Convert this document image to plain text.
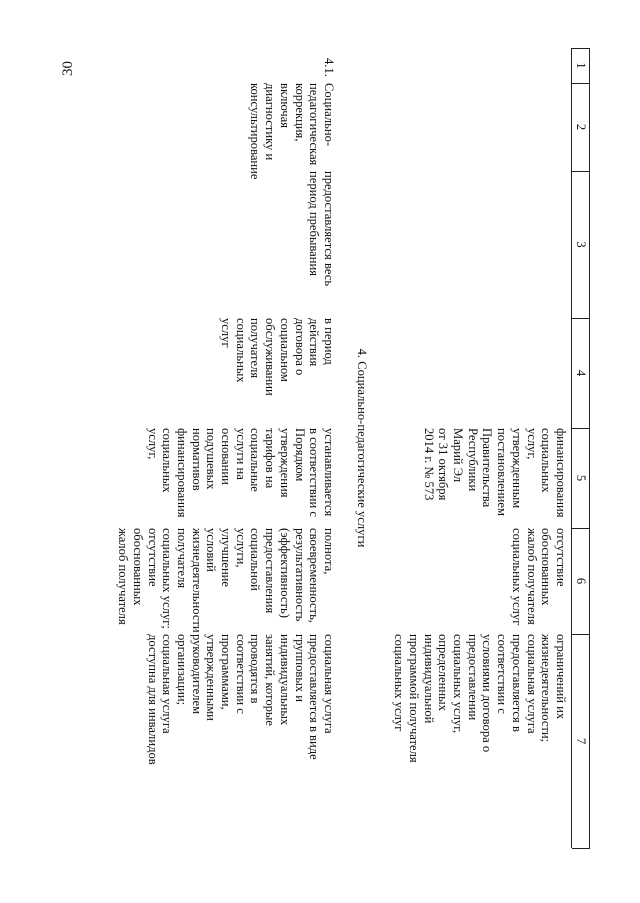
30	1
2
3
4
5
6
7
финансирования
социальных
услуг,
утвержденным
постановлением
Правительства
Республики
Марий Эл
от 31 октября
2014 г. № 573
отсутствие
обоснованных
жалоб получателя
социальных услуг
ограничений их
жизнедеятельности;
социальная услуга
предоставляется в
соответствии с
условиями договора о
предоставлении
социальных услуг,
определенных
индивидуальной
программой получателя
социальных услуг
4. Социально-педагогические услуги
4.1.
Социально-
педагогическая
коррекция, включая
диагностику и
консультирование
предоставляется весь
период пребывания
в период
действия
договора о
социальном
обслуживании
получателя
социальных
услуг
устанавливается
в соответствии с
Порядком
утверждения
тарифов на
социальные
услуги на
основании
подушевых
нормативов
финансирования
социальных
услуг,
полнота,
своевременность,
результативность
(эффективность)
предоставления
социальной услуги,
улучшение условий
жизнедеятельности
получателя
социальных услуг;
отсутствие
обоснованных
жалоб получателя
социальная услуга
предоставляется в виде
групповых и
индивидуальных
занятий, которые
проводятся в
соответствии с
программами,
утвержденными
руководителем
организации;
социальная услуга
доступна для инвалидов
